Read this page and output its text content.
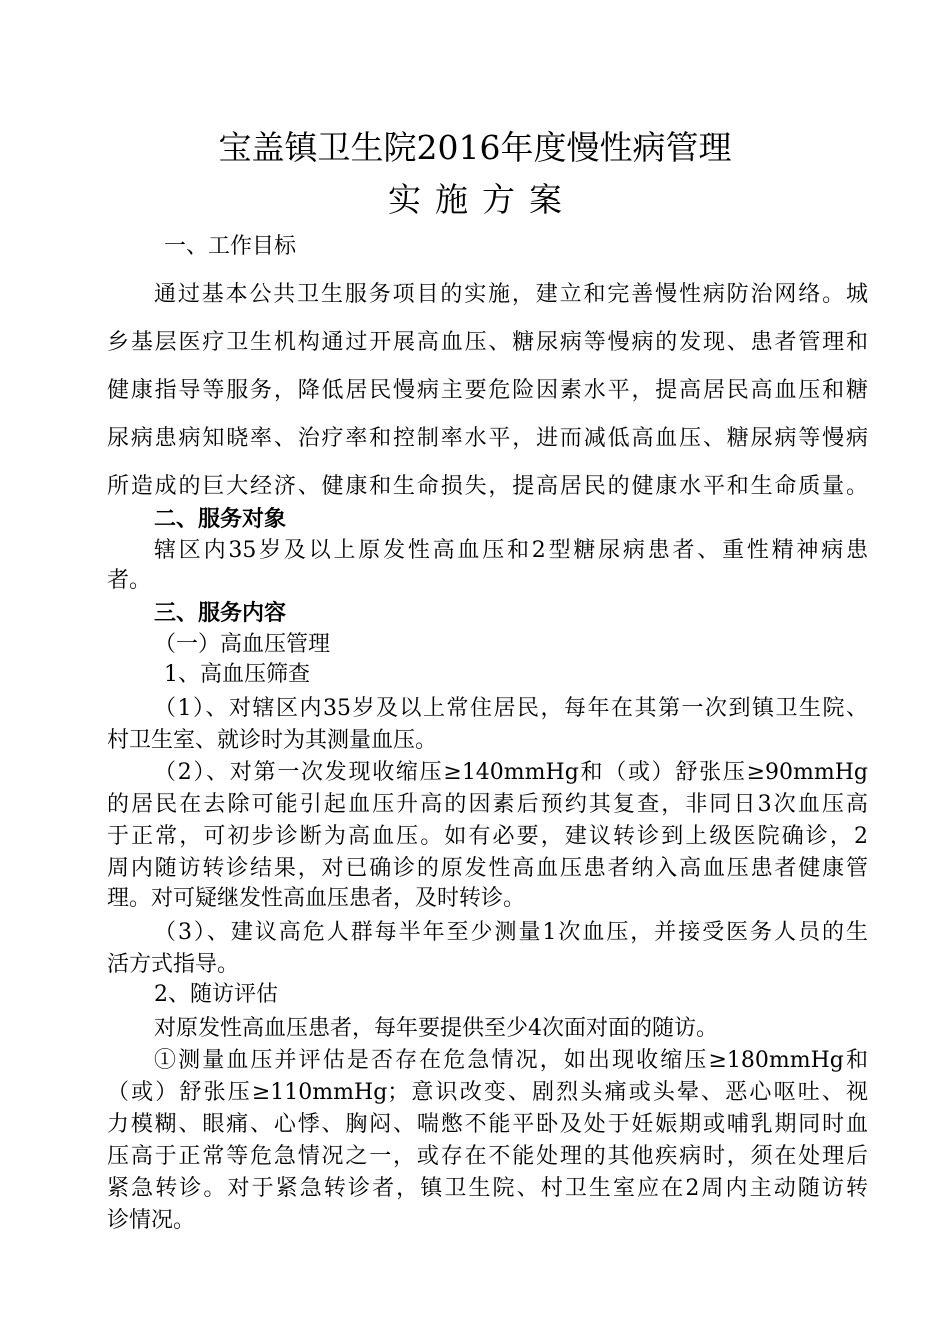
宝盖镇卫生院2016年度慢性病管理
实施方案
一、工作目标
通过基本公共卫生服务项目的实施，建立和完善慢性病防治网络。城
乡基层医疗卫生机构通过开展高血压、糖尿病等慢病的发现、患者管理和
健康指导等服务，降低居民慢病主要危险因素水平，提高居民高血压和糖
尿病患病知晓率、治疗率和控制率水平，进而减低高血压、糖尿病等慢病
所造成的巨大经济、健康和生命损失，提高居民的健康水平和生命质量。
二、服务对象
辖区内35岁及以上原发性高血压和2型糖尿病患者、重性精神病患
者。
三、服务内容
（一）高血压管理
1、高血压筛查
（1）、对辖区内35岁及以上常住居民，每年在其第一次到镇卫生院、
村卫生室、就诊时为其测量血压。
（2）、对第一次发现收缩压≥140mmHg和（或）舒张压≥90mmHg
的居民在去除可能引起血压升高的因素后预约其复查，非同日3次血压高
于正常，可初步诊断为高血压。如有必要，建议转诊到上级医院确诊，2
周内随访转诊结果，对已确诊的原发性高血压患者纳入高血压患者健康管
理。对可疑继发性高血压患者，及时转诊。
（3）、建议高危人群每半年至少测量1次血压，并接受医务人员的生
活方式指导。
2、随访评估
对原发性高血压患者，每年要提供至少4次面对面的随访。
①测量血压并评估是否存在危急情况，如出现收缩压≥180mmHg和
（或）舒张压≥110mmHg；意识改变、剧烈头痛或头晕、恶心呕吐、视
力模糊、眼痛、心悸、胸闷、喘憋不能平卧及处于妊娠期或哺乳期同时血
压高于正常等危急情况之一，或存在不能处理的其他疾病时，须在处理后
紧急转诊。对于紧急转诊者，镇卫生院、村卫生室应在2周内主动随访转
诊情况。
